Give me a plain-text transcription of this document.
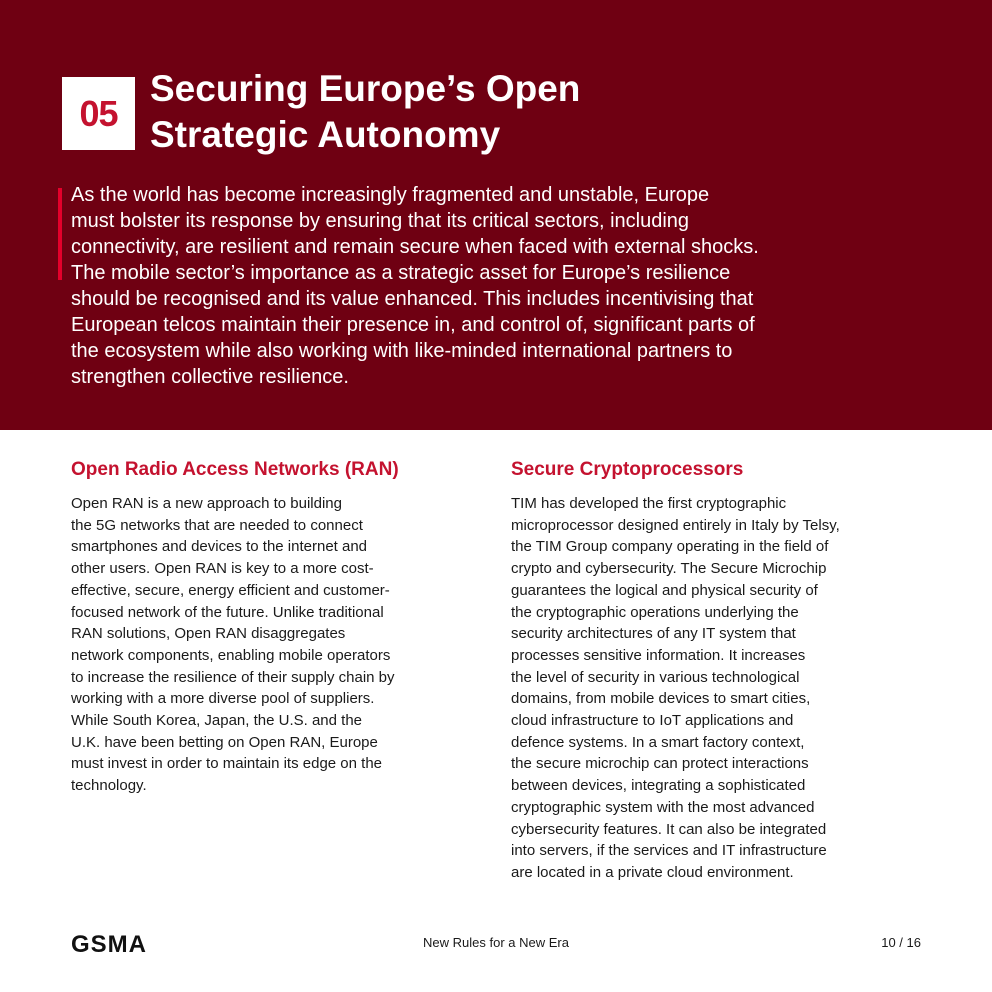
05
Securing Europe’s Open
Strategic Autonomy

As the world has become increasingly fragmented and unstable, Europe
must bolster its response by ensuring that its critical sectors, including
connectivity, are resilient and remain secure when faced with external shocks.
The mobile sector’s importance as a strategic asset for Europe’s resilience
should be recognised and its value enhanced. This includes incentivising that
European telcos maintain their presence in, and control of, significant parts of
the ecosystem while also working with like-minded international partners to
strengthen collective resilience.

Open Radio Access Networks (RAN)

Open RAN is a new approach to building
the 5G networks that are needed to connect
smartphones and devices to the internet and
other users. Open RAN is key to a more cost-
effective, secure, energy efficient and customer-
focused network of the future. Unlike traditional
RAN solutions, Open RAN disaggregates
network components, enabling mobile operators
to increase the resilience of their supply chain by
working with a more diverse pool of suppliers.
While South Korea, Japan, the U.S. and the
U.K. have been betting on Open RAN, Europe
must invest in order to maintain its edge on the
technology.

Secure Cryptoprocessors

TIM has developed the first cryptographic
microprocessor designed entirely in Italy by Telsy,
the TIM Group company operating in the field of
crypto and cybersecurity. The Secure Microchip
guarantees the logical and physical security of
the cryptographic operations underlying the
security architectures of any IT system that
processes sensitive information. It increases
the level of security in various technological
domains, from mobile devices to smart cities,
cloud infrastructure to IoT applications and
defence systems. In a smart factory context,
the secure microchip can protect interactions
between devices, integrating a sophisticated
cryptographic system with the most advanced
cybersecurity features. It can also be integrated
into servers, if the services and IT infrastructure
are located in a private cloud environment.

GSMA	New Rules for a New Era	10 / 16
